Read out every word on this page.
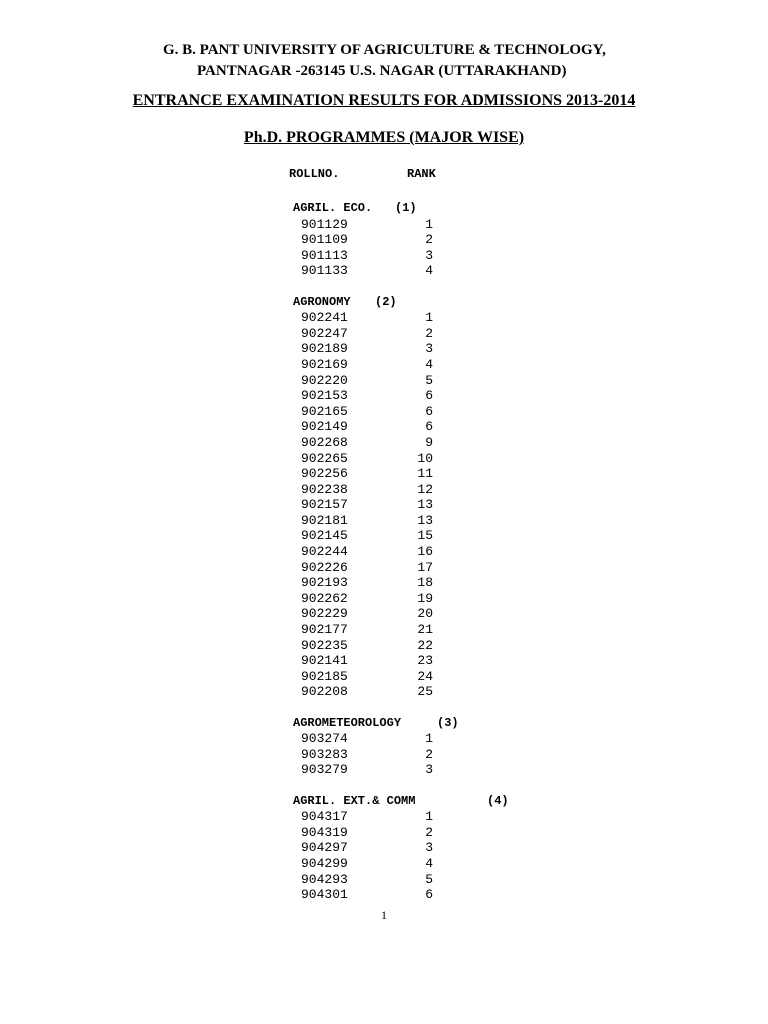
G. B. PANT UNIVERSITY OF AGRICULTURE & TECHNOLOGY,
PANTNAGAR -263145 U.S. NAGAR (UTTARAKHAND)
ENTRANCE EXAMINATION RESULTS FOR ADMISSIONS 2013-2014
Ph.D. PROGRAMMES (MAJOR WISE)
ROLLNO.	RANK
AGRIL. ECO. (1)
901129	1
901109	2
901113	3
901133	4
AGRONOMY (2)
902241	1
902247	2
902189	3
902169	4
902220	5
902153	6
902165	6
902149	6
902268	9
902265	10
902256	11
902238	12
902157	13
902181	13
902145	15
902244	16
902226	17
902193	18
902262	19
902229	20
902177	21
902235	22
902141	23
902185	24
902208	25
AGROMETEOROLOGY	(3)
903274	1
903283	2
903279	3
AGRIL. EXT.& COMM	(4)
904317	1
904319	2
904297	3
904299	4
904293	5
904301	6
1
